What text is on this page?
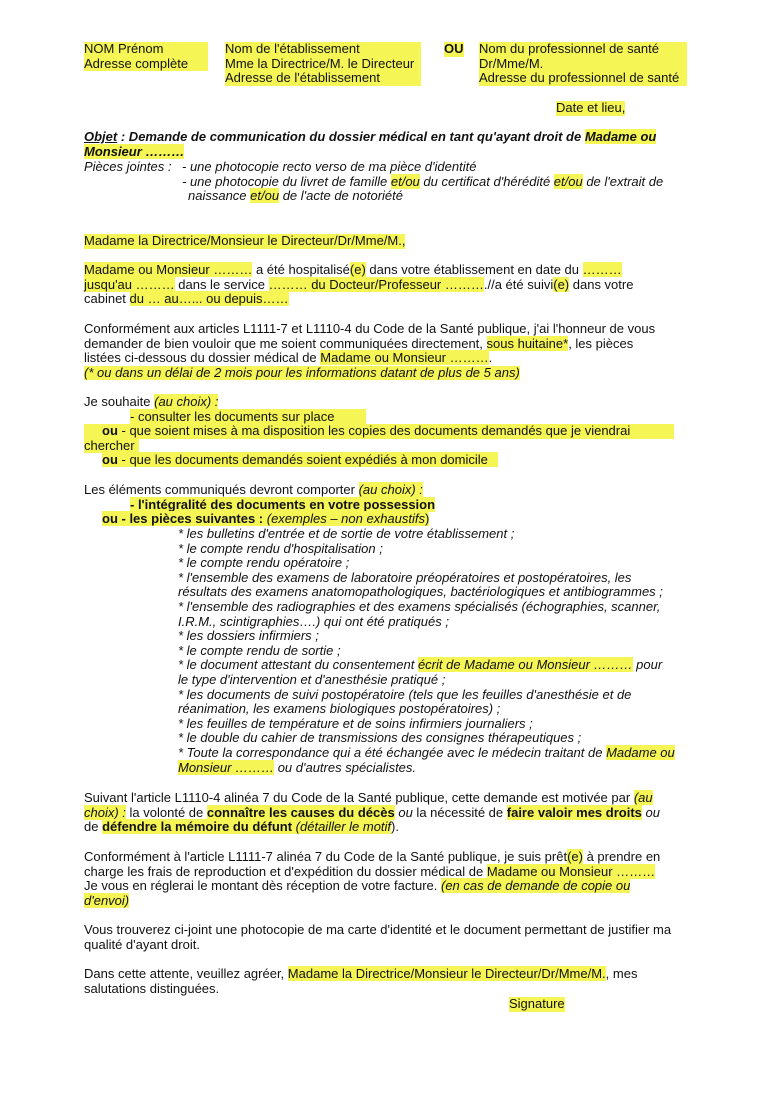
NOM Prénom
Adresse complète
Nom de l'établissement
Mme la Directrice/M. le Directeur
Adresse de l'établissement
OU Nom du professionnel de santé
Dr/Mme/M.
Adresse du professionnel de santé
Date et lieu,
Objet : Demande de communication du dossier médical en tant qu'ayant droit de Madame ou
Monsieur ………
Pièces jointes : - une photocopie recto verso de ma pièce d'identité
- une photocopie du livret de famille et/ou du certificat d'hérédité et/ou de l'extrait de
naissance et/ou de l'acte de notoriété
Madame la Directrice/Monsieur le Directeur/Dr/Mme/M.,
Madame ou Monsieur ……… a été hospitalisé(e) dans votre établissement en date du ………
jusqu'au ……… dans le service ……… du Docteur/Professeur ……….//a été suivi(e) dans votre
cabinet du … au…... ou depuis……
Conformément aux articles L1111-7 et L1110-4 du Code de la Santé publique, j'ai l'honneur de vous
demander de bien vouloir que me soient communiquées directement, sous huitaine*, les pièces
listées ci-dessous du dossier médical de Madame ou Monsieur ……….
(* ou dans un délai de 2 mois pour les informations datant de plus de 5 ans)
Je souhaite (au choix) :
- consulter les documents sur place
ou - que soient mises à ma disposition les copies des documents demandés que je viendrai
chercher
ou - que les documents demandés soient expédiés à mon domicile
Les éléments communiqués devront comporter (au choix) :
- l'intégralité des documents en votre possession
ou - les pièces suivantes : (exemples – non exhaustifs)
* les bulletins d'entrée et de sortie de votre établissement ;
* le compte rendu d'hospitalisation ;
* le compte rendu opératoire ;
* l'ensemble des examens de laboratoire préopératoires et postopératoires, les
résultats des examens anatomopathologiques, bactériologiques et antibiogrammes ;
* l'ensemble des radiographies et des examens spécialisés (échographies, scanner,
I.R.M., scintigraphies….) qui ont été pratiqués ;
* les dossiers infirmiers ;
* le compte rendu de sortie ;
* le document attestant du consentement écrit de Madame ou Monsieur ……… pour
le type d'intervention et d'anesthésie pratiqué ;
* les documents de suivi postopératoire (tels que les feuilles d'anesthésie et de
réanimation, les examens biologiques postopératoires) ;
* les feuilles de température et de soins infirmiers journaliers ;
* le double du cahier de transmissions des consignes thérapeutiques ;
* Toute la correspondance qui a été échangée avec le médecin traitant de Madame ou
Monsieur ……… ou d'autres spécialistes.
Suivant l'article L1110-4 alinéa 7 du Code de la Santé publique, cette demande est motivée par (au
choix) : la volonté de connaître les causes du décès ou la nécessité de faire valoir mes droits ou
de défendre la mémoire du défunt (détailler le motif).
Conformément à l'article L1111-7 alinéa 7 du Code de la Santé publique, je suis prêt(e) à prendre en
charge les frais de reproduction et d'expédition du dossier médical de Madame ou Monsieur ………
Je vous en réglerai le montant dès réception de votre facture. (en cas de demande de copie ou
d'envoi)
Vous trouverez ci-joint une photocopie de ma carte d'identité et le document permettant de justifier ma
qualité d'ayant droit.
Dans cette attente, veuillez agréer, Madame la Directrice/Monsieur le Directeur/Dr/Mme/M., mes
salutations distinguées.
Signature
